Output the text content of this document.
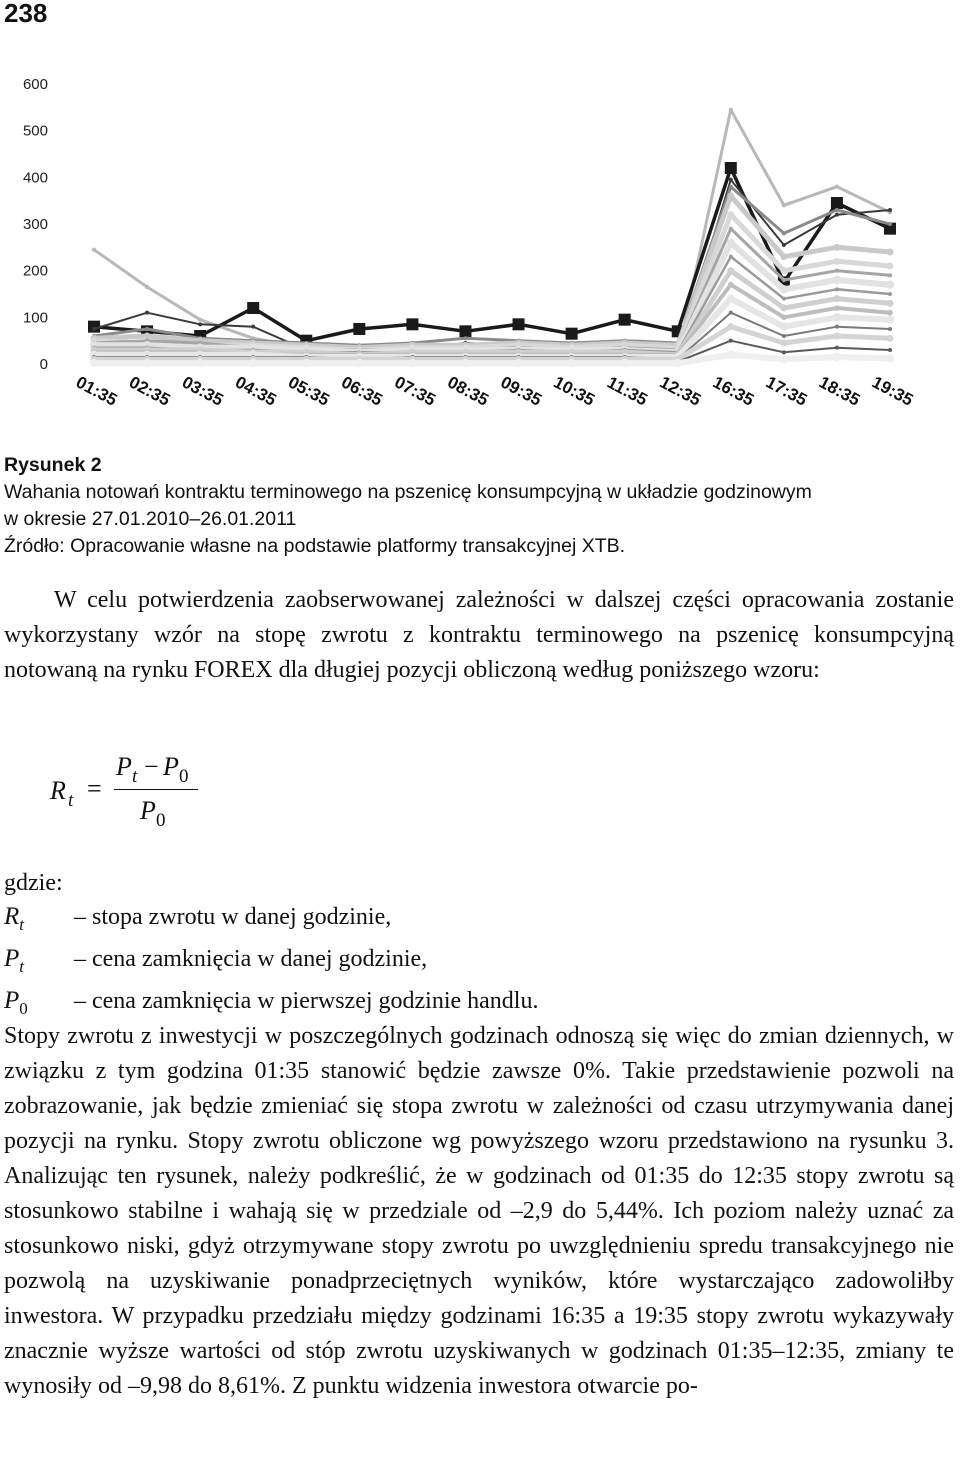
238
0
100
200
300
400
500
600
01:35 02:35 03:35 04:35 05:35 06:35 07:35 08:35 09:35 10:35 11:35 12:35 16:35 17:35 18:35 19:35
Rysunek 2
Wahania notowań kontraktu terminowego na pszenicę konsumpcyjną w układzie godzinowym
w okresie 27.01.2010–26.01.2011
Źródło: Opracowanie własne na podstawie platformy transakcyjnej XTB.

W celu potwierdzenia zaobserwowanej zależności w dalszej części opracowania zostanie wykorzystany wzór na stopę zwrotu z kontraktu terminowego na pszenicę konsumpcyjną notowaną na rynku FOREX dla długiej pozycji obliczoną według poniższego wzoru:

R t =
P t − P 0
P 0
gdzie:
$R_t$	– stopa zwrotu w danej godzinie,
$P_t$	– cena zamknięcia w danej godzinie,
$P_0$	– cena zamknięcia w pierwszej godzinie handlu.

Stopy zwrotu z inwestycji w poszczególnych godzinach odnoszą się więc do zmian dziennych, w związku z tym godzina 01:35 stanowić będzie zawsze 0%. Takie przedstawienie pozwoli na zobrazowanie, jak będzie zmieniać się stopa zwrotu w zależności od czasu utrzymywania danej pozycji na rynku. Stopy zwrotu obliczone wg powyższego wzoru przedstawiono na rysunku 3. Analizując ten rysunek, należy podkreślić, że w godzinach od 01:35 do 12:35 stopy zwrotu są stosunkowo stabilne i wahają się w przedziale od –2,9 do 5,44%. Ich poziom należy uznać za stosunkowo niski, gdyż otrzymywane stopy zwrotu po uwzględnieniu spredu transakcyjnego nie pozwolą na uzyskiwanie ponadprzeciętnych wyników, które wystarczająco zadowoliłby inwestora. W przypadku przedziału między godzinami 16:35 a 19:35 stopy zwrotu wykazywały znacznie wyższe wartości od stóp zwrotu uzyskiwanych w godzinach 01:35–12:35, zmiany te wynosiły od –9,98 do 8,61%. Z punktu widzenia inwestora otwarcie po-
